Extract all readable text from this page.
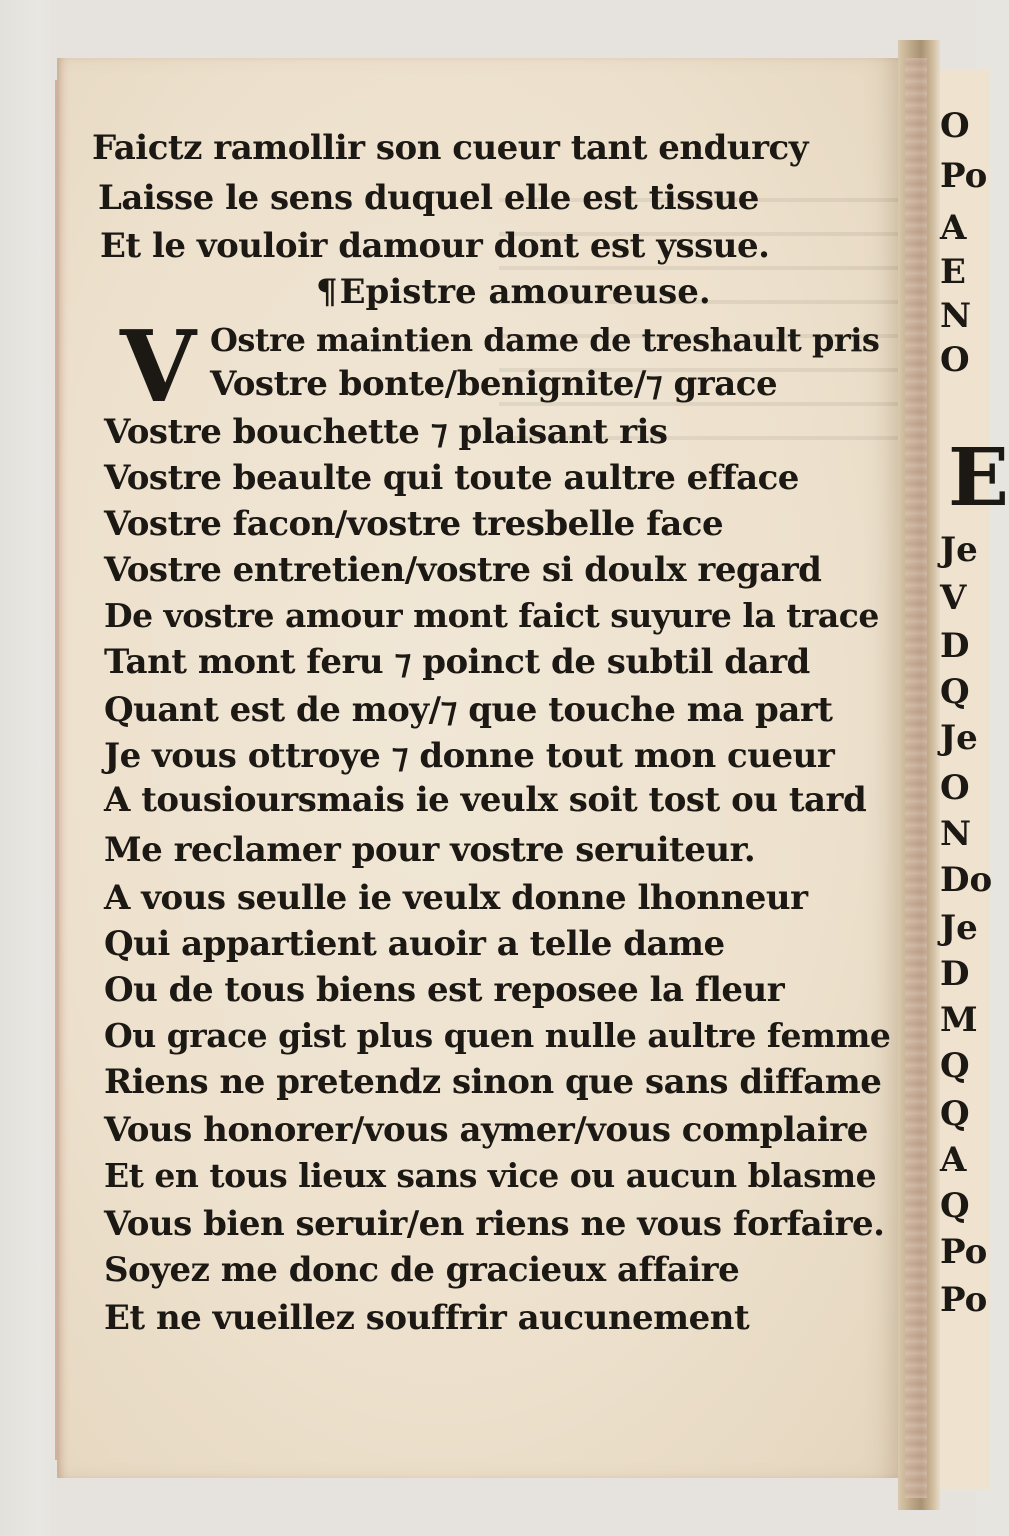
Faictz ramollir son cueur tant endurcy
Laisse le sens duquel elle est tissue
Et le vouloir damour dont est yssue.
¶Epistre amoureuse.
V Ostre maintien dame de treshault pris
Vostre bonte/benignite/⁊ grace
Vostre bouchette ⁊ plaisant ris
Vostre beaulte qui toute aultre efface
Vostre facon/vostre tresbelle face
Vostre entretien/vostre si doulx regard
De vostre amour mont faict suyure la trace
Tant mont feru ⁊ poinct de subtil dard
Quant est de moy/⁊ que touche ma part
Je vous ottroye ⁊ donne tout mon cueur
A tousioursmais ie veulx soit tost ou tard
Me reclamer pour vostre seruiteur.
A vous seulle ie veulx donne lhonneur
Qui appartient auoir a telle dame
Ou de tous biens est reposee la fleur
Ou grace gist plus quen nulle aultre femme
Riens ne pretendz sinon que sans diffame
Vous honorer/vous aymer/vous complaire
Et en tous lieux sans vice ou aucun blasme
Vous bien seruir/en riens ne vous forfaire.
Soyez me donc de gracieux affaire
Et ne vueillez souffrir aucunement
O
Po
A
E
N
O
E
Je
V
D
Q
Je
O
N
Do
Je
D
M
Q
Q
A
Q
Po
Po
